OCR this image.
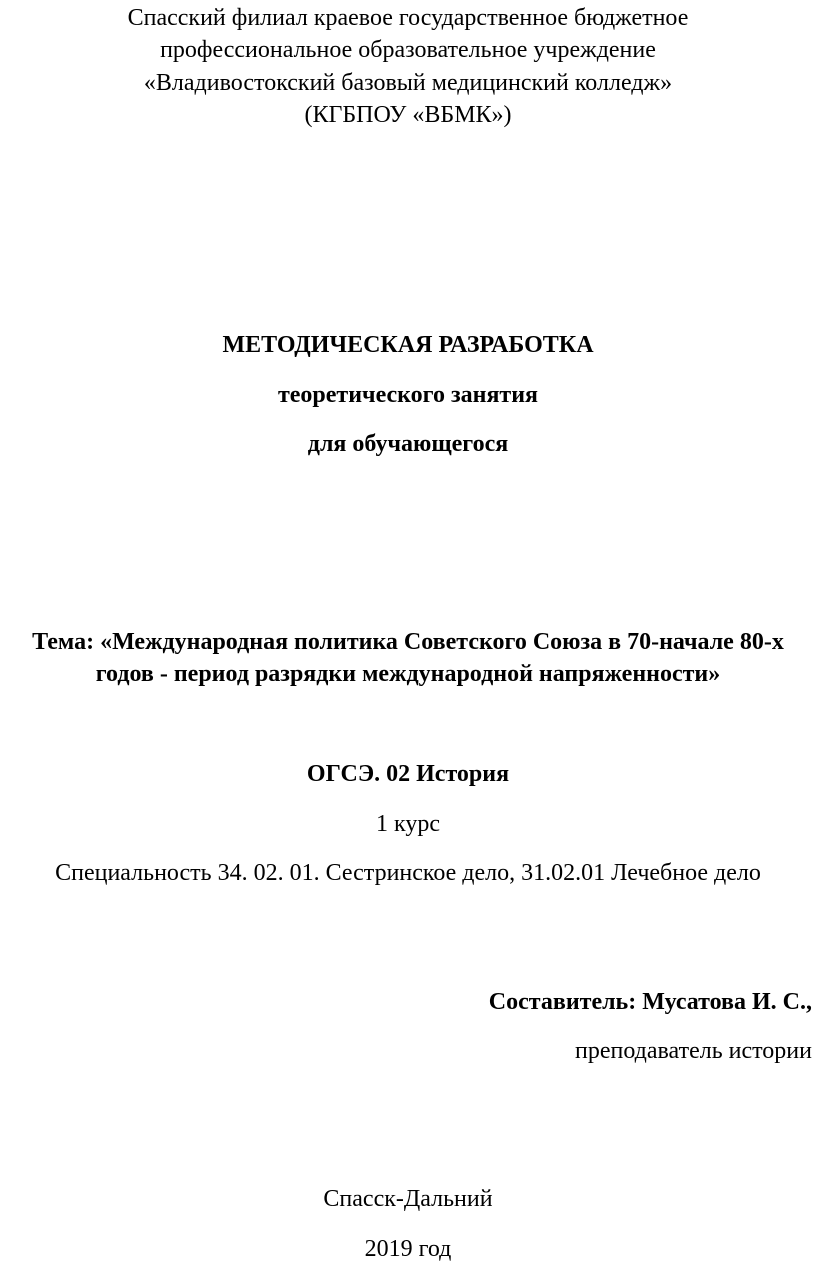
Спасский филиал краевое государственное бюджетное
профессиональное образовательное учреждение
«Владивостокский базовый медицинский колледж»
(КГБПОУ «ВБМК»)
МЕТОДИЧЕСКАЯ РАЗРАБОТКА
теоретического занятия
для обучающегося
Тема: «Международная политика Советского Союза в 70-начале 80-х
годов - период разрядки международной напряженности»
ОГСЭ. 02 История
1 курс
Специальность 34. 02. 01. Сестринское дело, 31.02.01 Лечебное дело
Составитель: Мусатова И. С.,
преподаватель истории
Спасск-Дальний
2019 год
